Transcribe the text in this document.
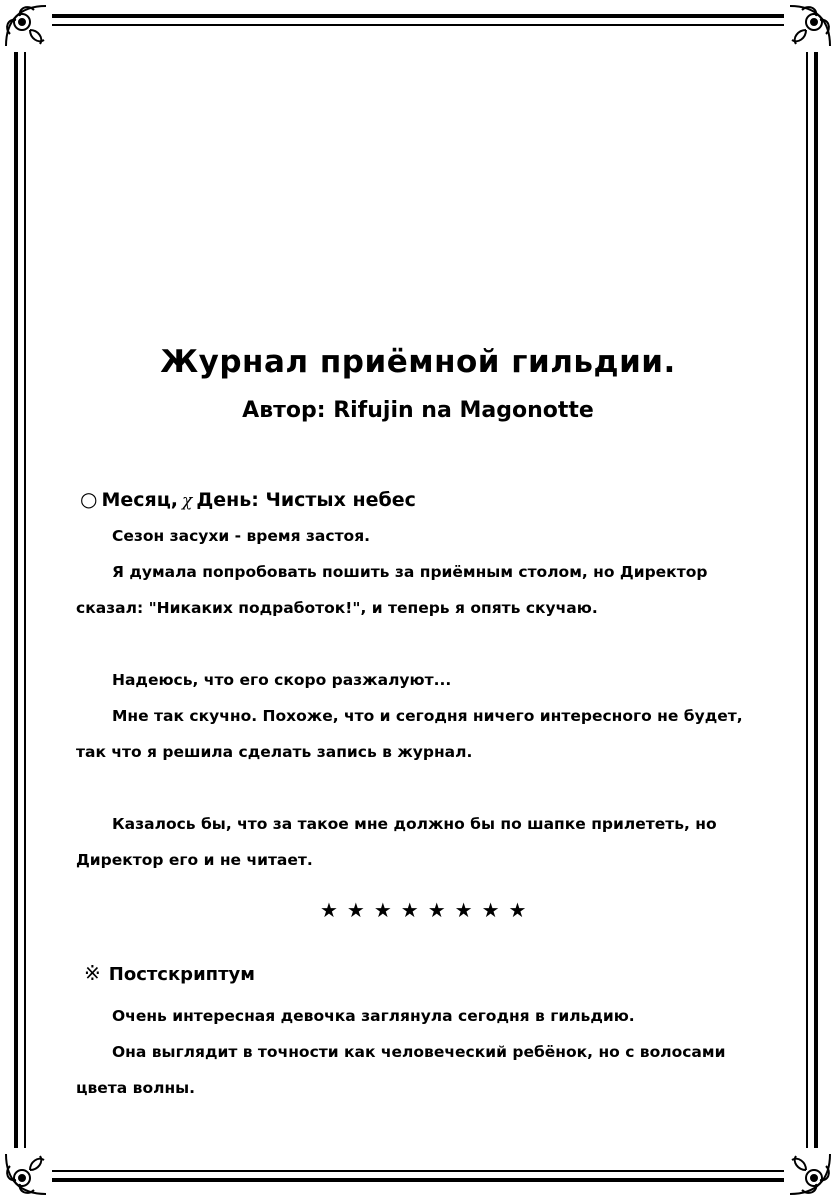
Журнал приёмной гильдии.
Автор: Rifujin na Magonotte
○ Месяц, χ День: Чистых небес

Сезон засухи - время застоя.

Я думала попробовать пошить за приёмным столом, но Директор сказал: "Никаких подработок!", и теперь я опять скучаю.

Надеюсь, что его скоро разжалуют...

Мне так скучно. Похоже, что и сегодня ничего интересного не будет, так что я решила сделать запись в журнал.

Казалось бы, что за такое мне должно бы по шапке прилететь, но Директор его и не читает.

★★★★★★★★
※ Постскриптум

Очень интересная девочка заглянула сегодня в гильдию.

Она выглядит в точности как человеческий ребёнок, но с волосами цвета волны.
